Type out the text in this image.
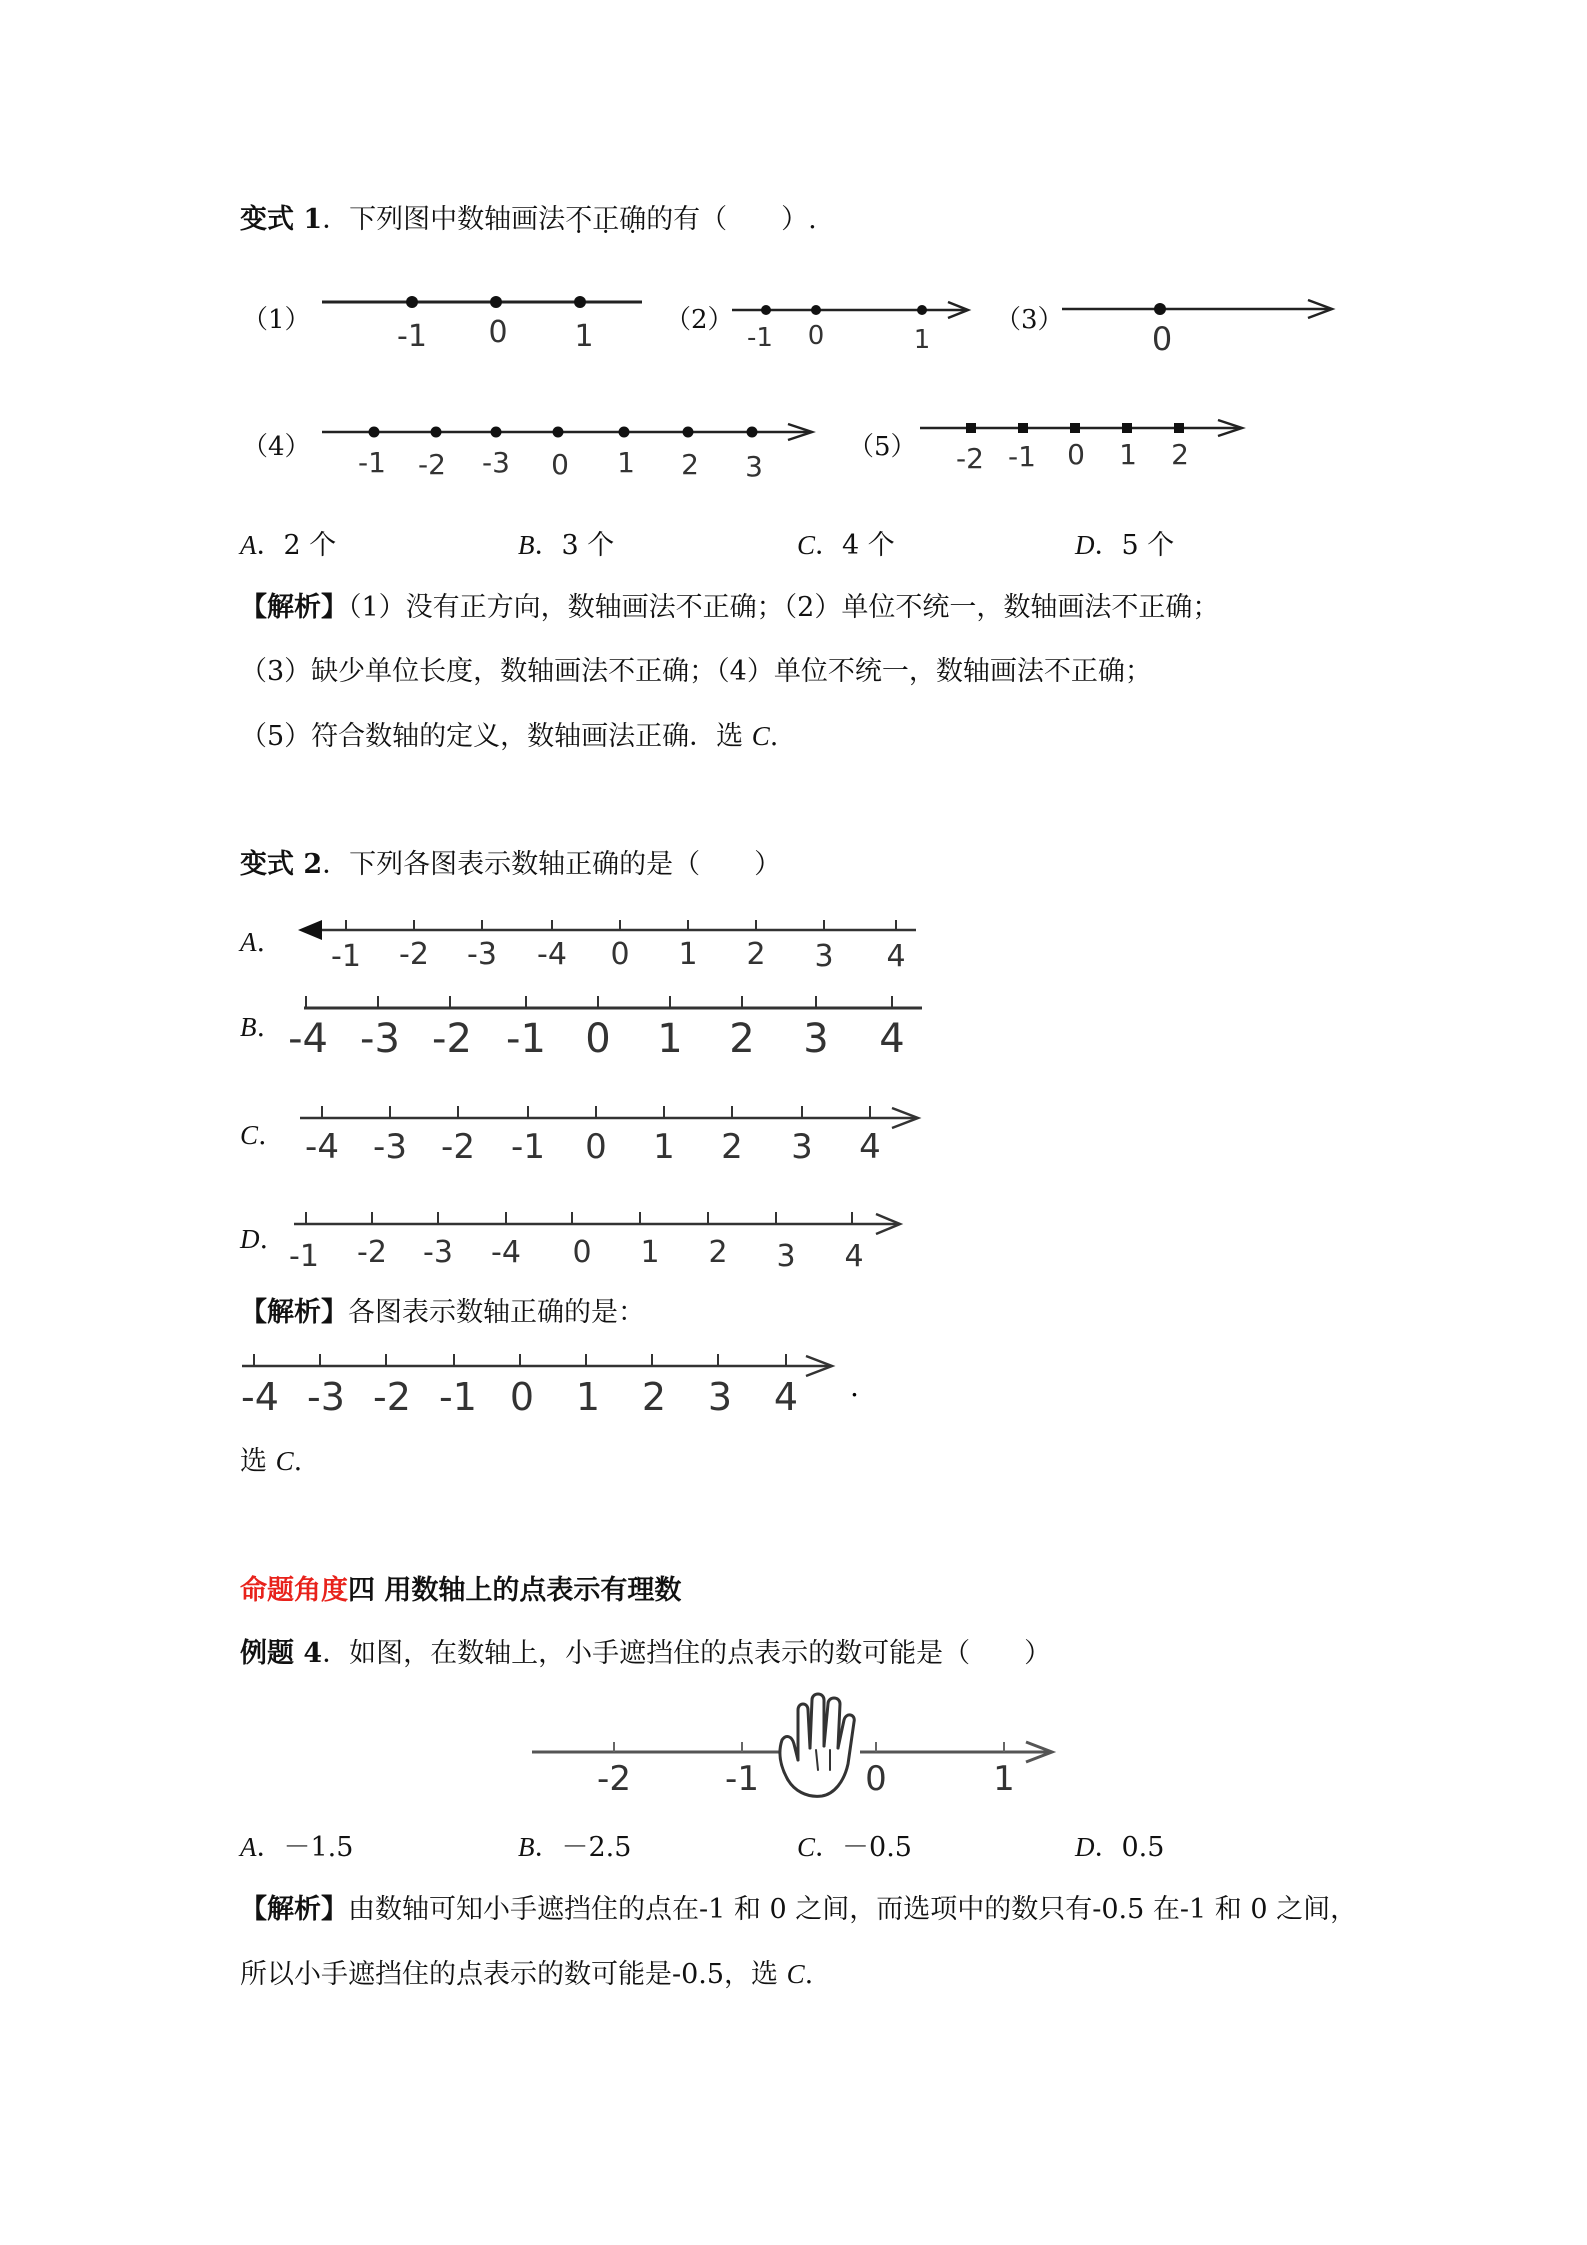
变式 1．下列图中数轴画法不正确的有（　　）.
（1）	-1 0 1	（2）
-1 0	1
（3）	0
（4） -1 -2 -3 0 1 2 3
（5） -2 -1 0 1 2
A．2 个	B．3 个	C．4 个	D．5 个
【解析】（1）没有正方向，数轴画法不正确；（2）单位不统一，数轴画法不正确；
（3）缺少单位长度，数轴画法不正确；（4）单位不统一，数轴画法不正确；
（5）符合数轴的定义，数轴画法正确．选 C.
变式 2．下列各图表示数轴正确的是（　　）
A. -1 -2 -3 -4 0 1 2 3 4
B. -4 -3 -2 -1 0 1 2 3 4
C. -4 -3 -2 -1 0 1 2 3 4
D. -1 -2 -3 -4 0 1 2 3 4
【解析】各图表示数轴正确的是：
-4 -3 -2 -1 0 1 2 3 4 .
选 C.
命题角度四 用数轴上的点表示有理数
例题 4．如图，在数轴上，小手遮挡住的点表示的数可能是（　　）
-2	-1	0	1
A．－1.5	B．－2.5	C．－0.5	D．0.5
【解析】由数轴可知小手遮挡住的点在-1 和 0 之间，而选项中的数只有-0.5 在-1 和 0 之间，
所以小手遮挡住的点表示的数可能是-0.5，选 C.
